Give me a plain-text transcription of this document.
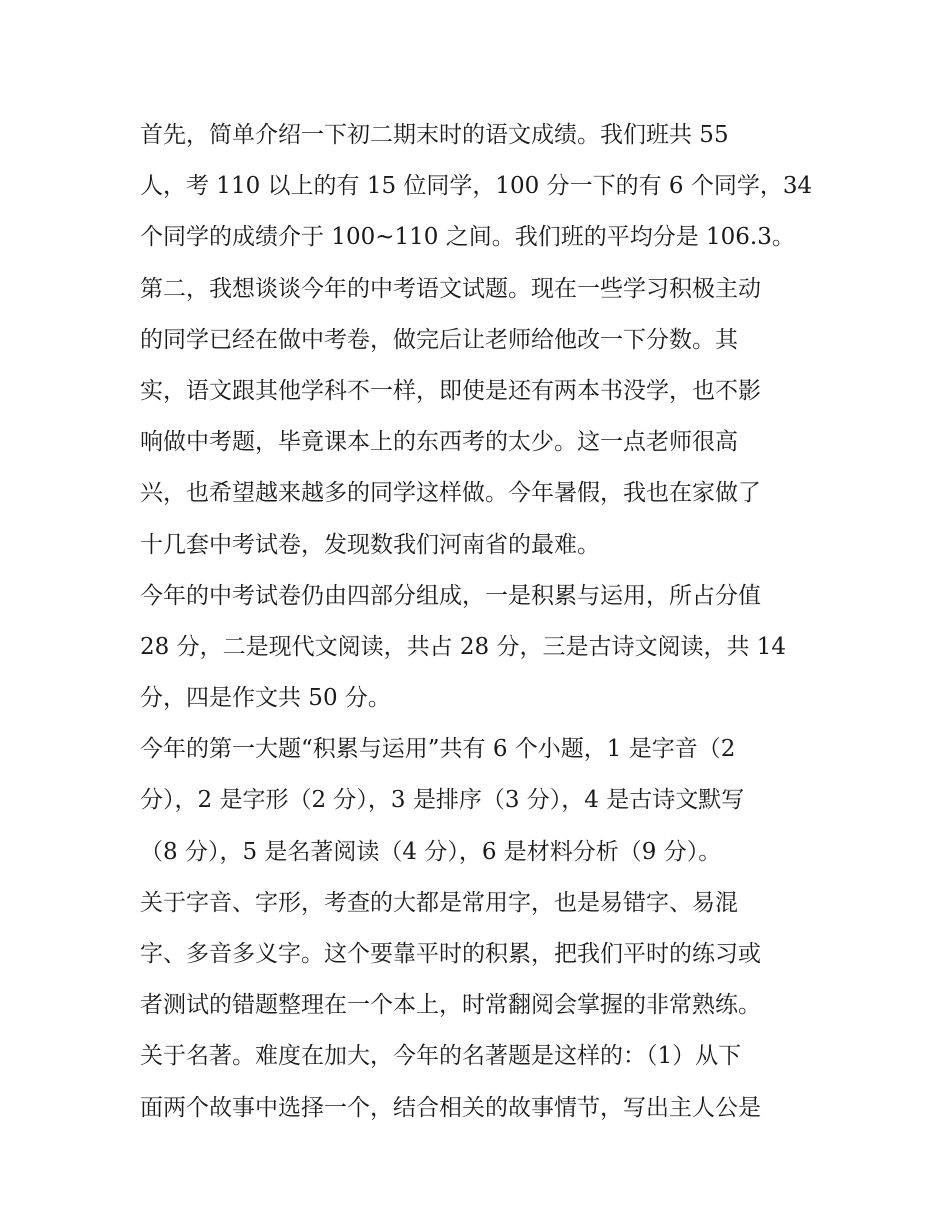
首先，简单介绍一下初二期末时的语文成绩。我们班共 55
人，考 110 以上的有 15 位同学，100 分一下的有 6 个同学，34
个同学的成绩介于 100~110 之间。我们班的平均分是 106.3。
第二，我想谈谈今年的中考语文试题。现在一些学习积极主动
的同学已经在做中考卷，做完后让老师给他改一下分数。其
实，语文跟其他学科不一样，即使是还有两本书没学，也不影
响做中考题，毕竟课本上的东西考的太少。这一点老师很高
兴，也希望越来越多的同学这样做。今年暑假，我也在家做了
十几套中考试卷，发现数我们河南省的最难。
今年的中考试卷仍由四部分组成，一是积累与运用，所占分值
28 分，二是现代文阅读，共占 28 分，三是古诗文阅读，共 14
分，四是作文共 50 分。
今年的第一大题“积累与运用”共有 6 个小题，1 是字音（2
分），2 是字形（2 分），3 是排序（3 分），4 是古诗文默写
（8 分），5 是名著阅读（4 分），6 是材料分析（9 分）。
关于字音、字形，考查的大都是常用字，也是易错字、易混
字、多音多义字。这个要靠平时的积累，把我们平时的练习或
者测试的错题整理在一个本上，时常翻阅会掌握的非常熟练。
关于名著。难度在加大，今年的名著题是这样的：（1）从下
面两个故事中选择一个，结合相关的故事情节，写出主人公是
